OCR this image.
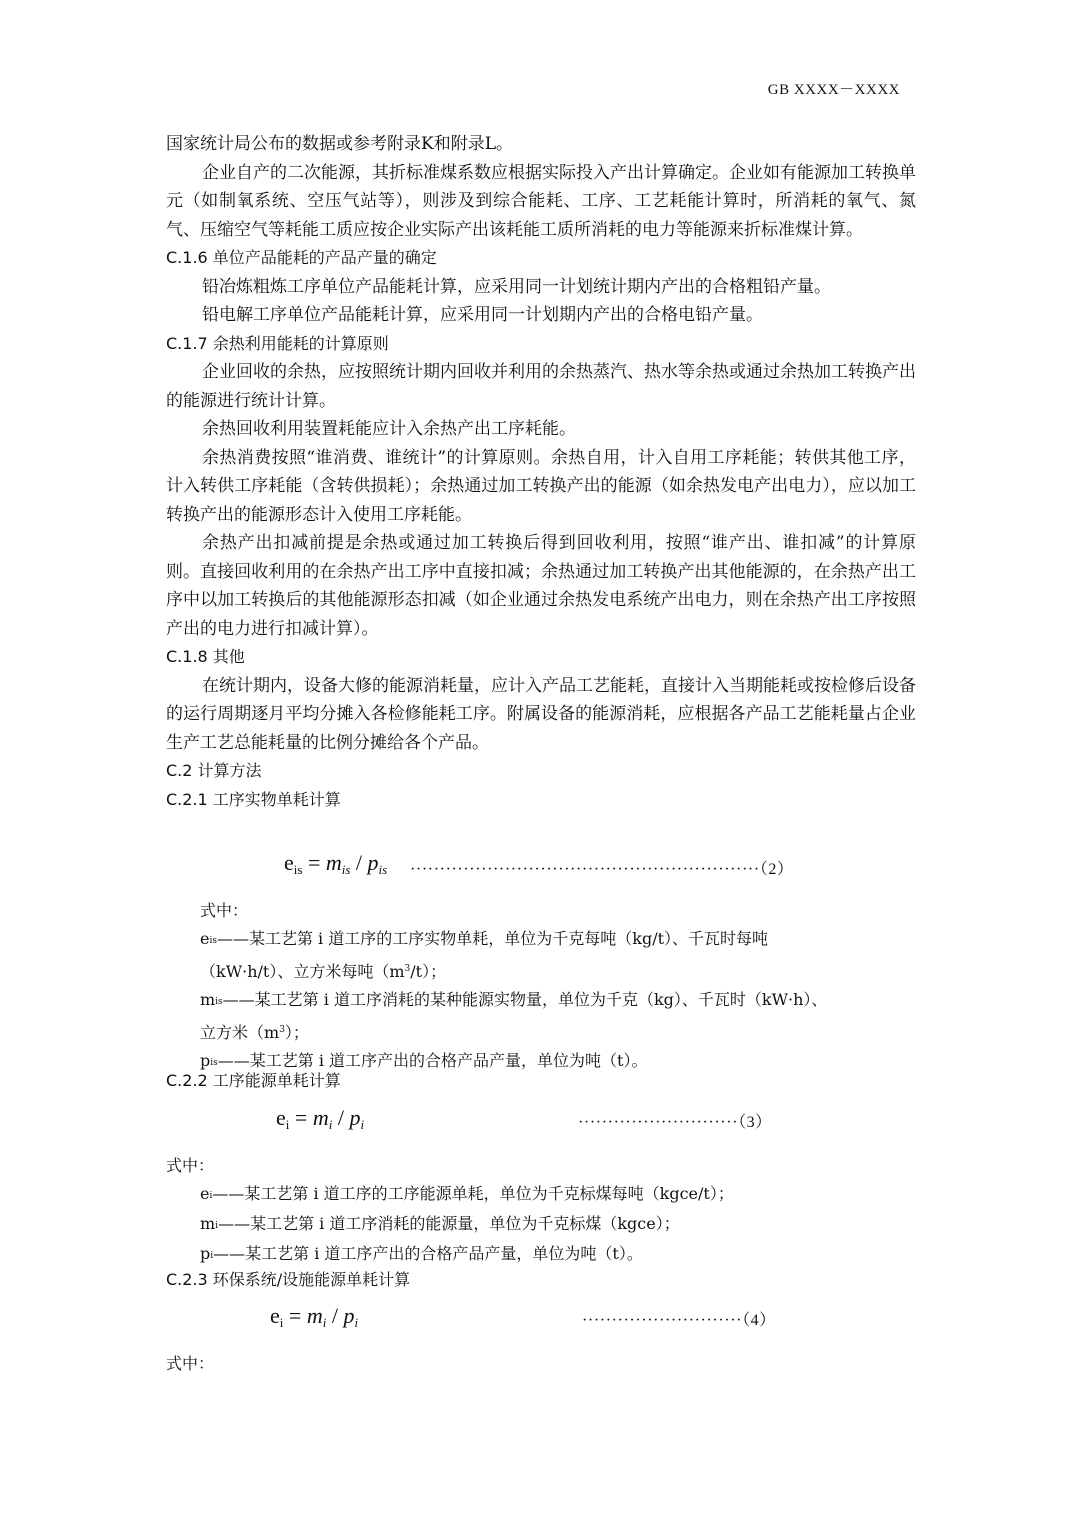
GB XXXX－XXXX

国家统计局公布的数据或参考附录K和附录L。

企业自产的二次能源，其折标准煤系数应根据实际投入产出计算确定。企业如有能源加工转换单元（如制氧系统、空压气站等），则涉及到综合能耗、工序、工艺耗能计算时，所消耗的氧气、氮气、压缩空气等耗能工质应按企业实际产出该耗能工质所消耗的电力等能源来折标准煤计算。

C.1.6 单位产品能耗的产品产量的确定

铅冶炼粗炼工序单位产品能耗计算，应采用同一计划统计期内产出的合格粗铅产量。

铅电解工序单位产品能耗计算，应采用同一计划期内产出的合格电铅产量。

C.1.7 余热利用能耗的计算原则

企业回收的余热，应按照统计期内回收并利用的余热蒸汽、热水等余热或通过余热加工转换产出的能源进行统计计算。

余热回收利用装置耗能应计入余热产出工序耗能。

余热消费按照“谁消费、谁统计”的计算原则。余热自用，计入自用工序耗能；转供其他工序，计入转供工序耗能（含转供损耗）；余热通过加工转换产出的能源（如余热发电产出电力），应以加工转换产出的能源形态计入使用工序耗能。

余热产出扣减前提是余热或通过加工转换后得到回收利用，按照“谁产出、谁扣减”的计算原则。直接回收利用的在余热产出工序中直接扣减；余热通过加工转换产出其他能源的，在余热产出工序中以加工转换后的其他能源形态扣减（如企业通过余热发电系统产出电力，则在余热产出工序按照产出的电力进行扣减计算）。

C.1.8 其他

在统计期内，设备大修的能源消耗量，应计入产品工艺能耗，直接计入当期能耗或按检修后设备的运行周期逐月平均分摊入各检修能耗工序。附属设备的能源消耗，应根据各产品工艺能耗量占企业生产工艺总能耗量的比例分摊给各个产品。

C.2 计算方法

C.2.1 工序实物单耗计算

eis = mis / pis ···························································（2）

式中：

eis——某工艺第 i 道工序的工序实物单耗，单位为千克每吨（kg/t）、千瓦时每吨

（kW·h/t）、立方米每吨$(m^3/t)$；

mis——某工艺第 i 道工序消耗的某种能源实物量，单位为千克（kg）、千瓦时（kW·h）、

立方米$(m^3)$；

pis——某工艺第 i 道工序产出的合格产品产量，单位为吨（t）。

C.2.2 工序能源单耗计算

ei = mi / pi	···························（3）

式中：

ei——某工艺第 i 道工序的工序能源单耗，单位为千克标煤每吨（kgce/t）；

mi——某工艺第 i 道工序消耗的能源量，单位为千克标煤（kgce）；

pi——某工艺第 i 道工序产出的合格产品产量，单位为吨（t）。

C.2.3 环保系统/设施能源单耗计算

ei = mi / pi	···························（4）

式中：
